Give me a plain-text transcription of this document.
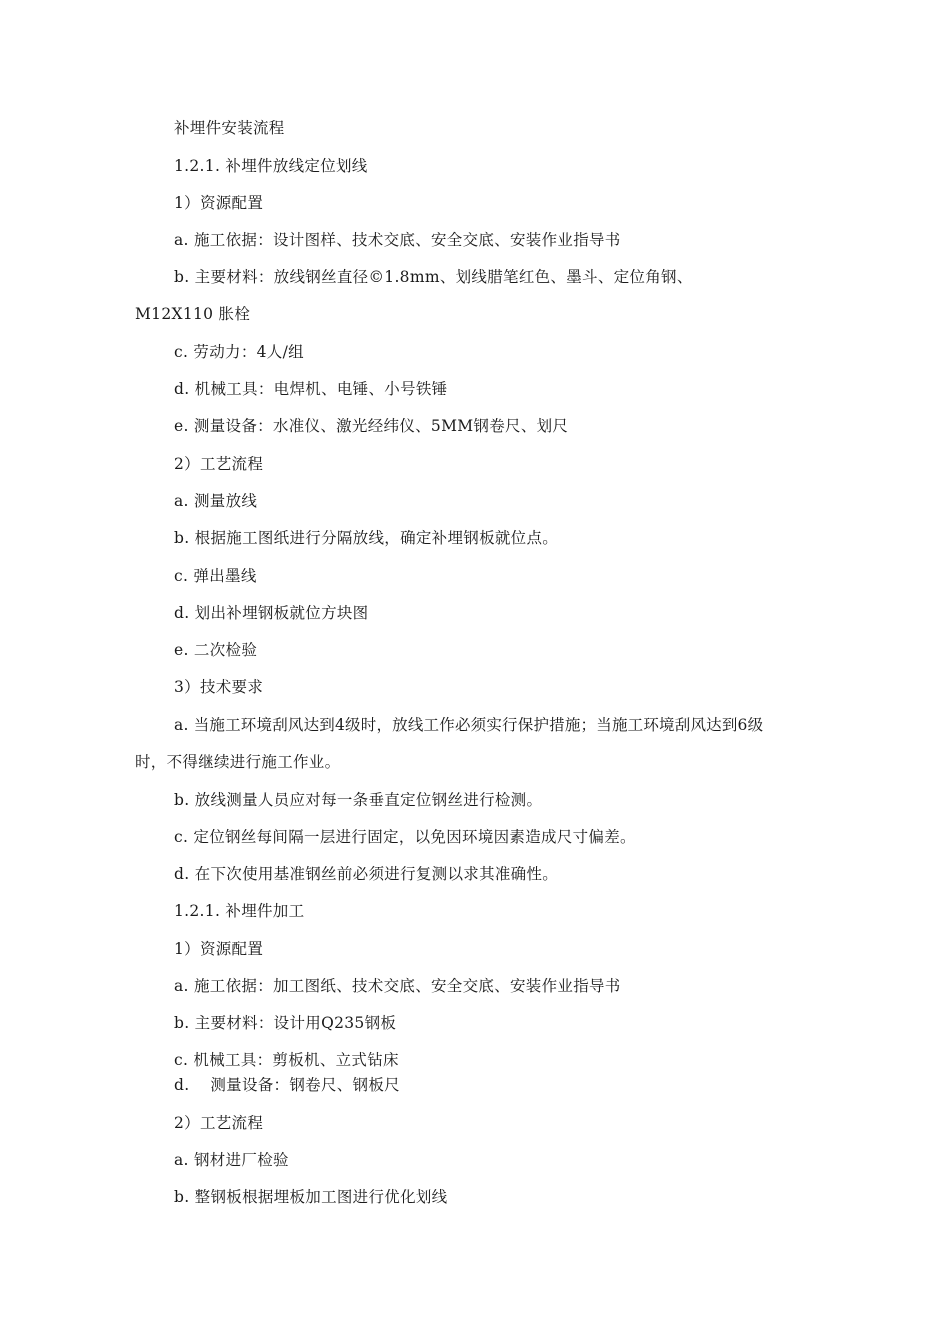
补埋件安装流程
1.2.1. 补埋件放线定位划线
1）资源配置
a. 施工依据：设计图样、技术交底、安全交底、安装作业指导书
b. 主要材料：放线钢丝直径©1.8mm、划线腊笔红色、墨斗、定位角钢、
M12X110 胀栓
c. 劳动力：4人/组
d. 机械工具：电焊机、电锤、小号铁锤
e. 测量设备：水准仪、激光经纬仪、5MM钢卷尺、划尺
2）工艺流程
a. 测量放线
b. 根据施工图纸进行分隔放线，确定补埋钢板就位点。
c. 弹出墨线
d. 划出补埋钢板就位方块图
e. 二次检验
3）技术要求
a. 当施工环境刮风达到4级时，放线工作必须实行保护措施；当施工环境刮风达到6级
时，不得继续进行施工作业。
b. 放线测量人员应对每一条垂直定位钢丝进行检测。
c. 定位钢丝每间隔一层进行固定，以免因环境因素造成尺寸偏差。
d. 在下次使用基准钢丝前必须进行复测以求其准确性。
1.2.1. 补埋件加工
1）资源配置
a. 施工依据：加工图纸、技术交底、安全交底、安装作业指导书
b. 主要材料：设计用Q235钢板
c. 机械工具：剪板机、立式钻床
d.    测量设备：钢卷尺、钢板尺
2）工艺流程
a. 钢材进厂检验
b. 整钢板根据埋板加工图进行优化划线
